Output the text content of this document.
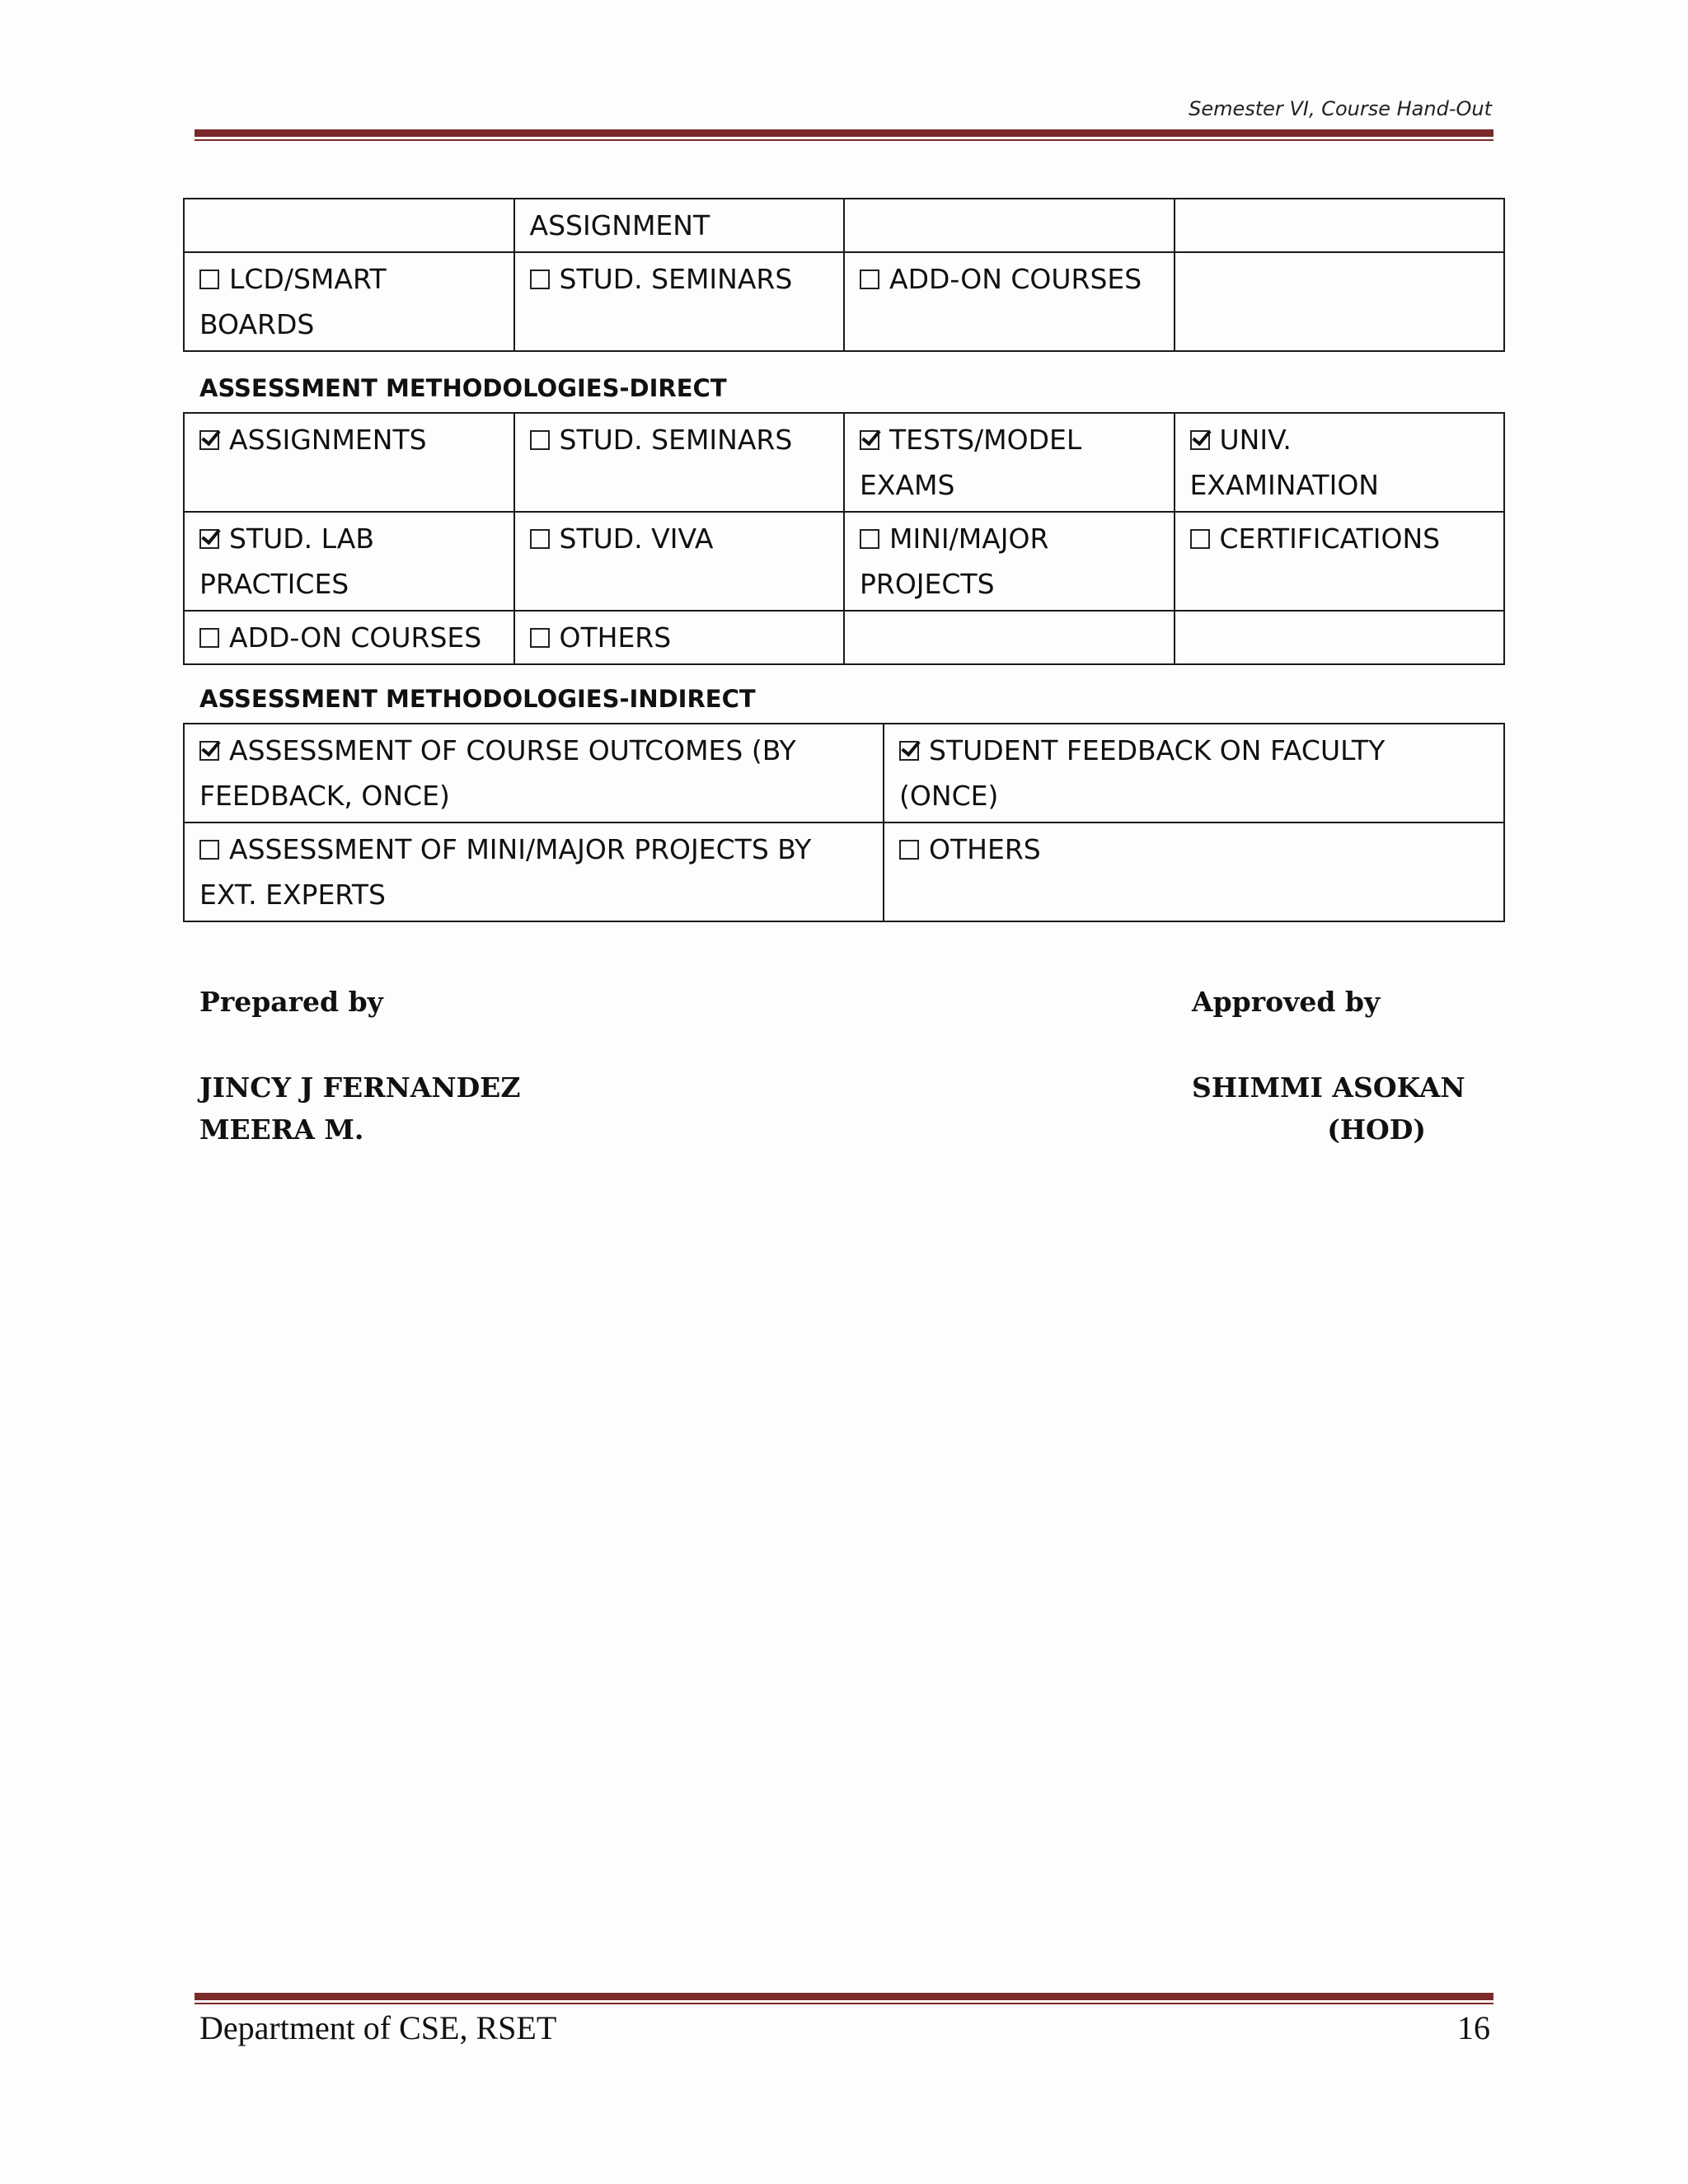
Semester VI, Course Hand-Out
	ASSIGNMENT		
LCD/SMART BOARDS	STUD. SEMINARS	ADD-ON COURSES	
ASSESSMENT METHODOLOGIES-DIRECT
ASSIGNMENTS	STUD. SEMINARS	TESTS/MODEL EXAMS	UNIV. EXAMINATION
STUD. LAB PRACTICES	STUD. VIVA	MINI/MAJOR PROJECTS	CERTIFICATIONS
ADD-ON COURSES	OTHERS		
ASSESSMENT METHODOLOGIES-INDIRECT
ASSESSMENT OF COURSE OUTCOMES (BY FEEDBACK, ONCE)	STUDENT FEEDBACK ON FACULTY (ONCE)
ASSESSMENT OF MINI/MAJOR PROJECTS BY EXT. EXPERTS	OTHERS
Prepared by	Approved by
JINCY J FERNANDEZ
MEERA M.
SHIMMI ASOKAN
(HOD)
Department of CSE, RSET	16
